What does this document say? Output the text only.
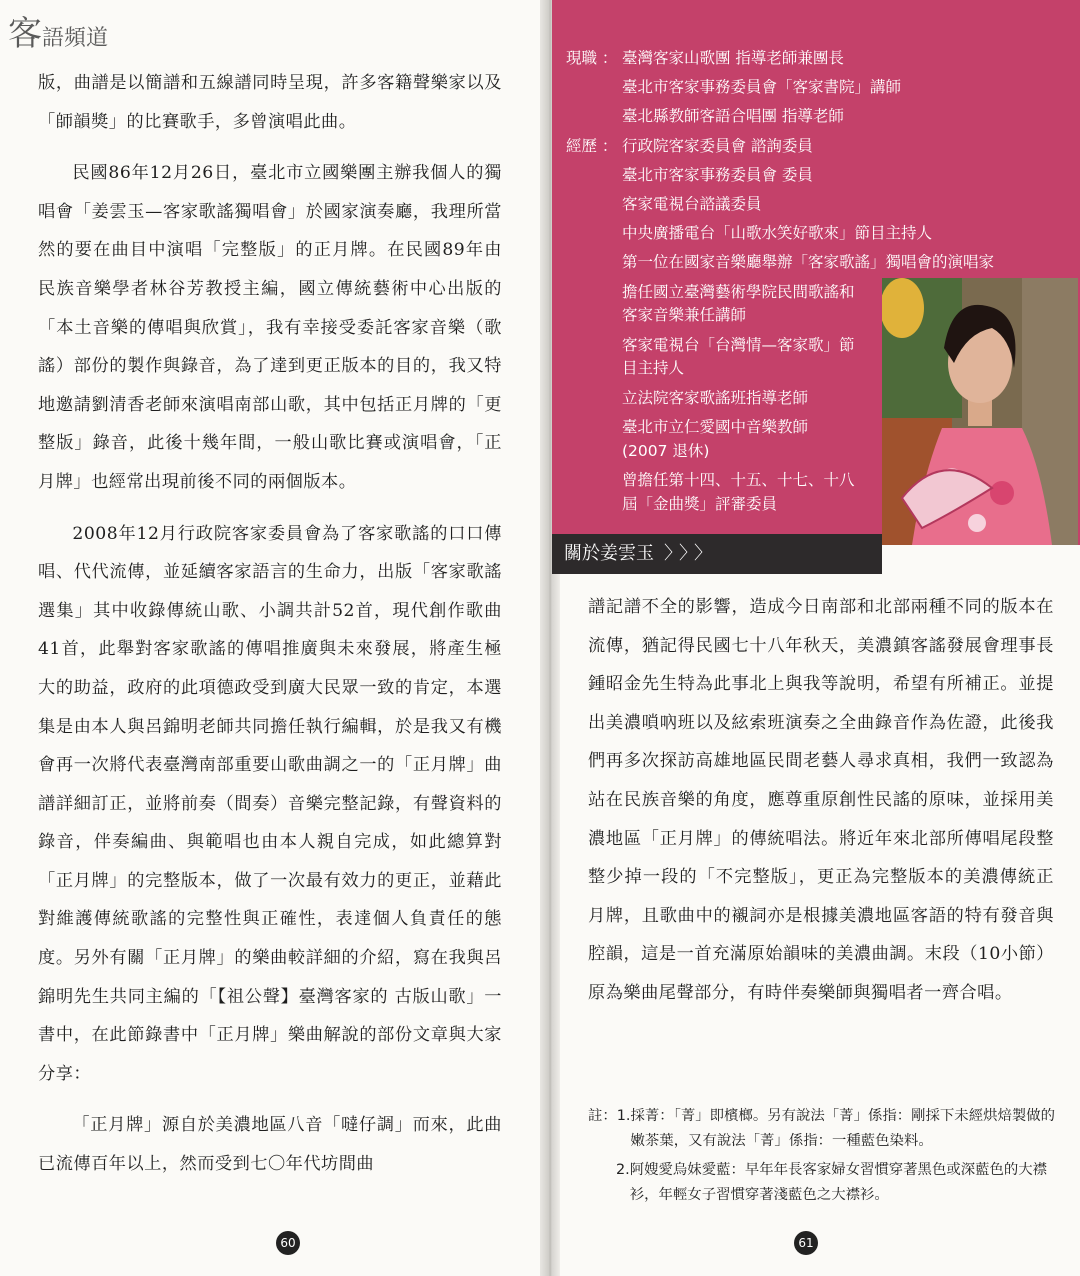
客語頻道

版，曲譜是以簡譜和五線譜同時呈現，許多客籍聲樂家以及「師韻獎」的比賽歌手，多曾演唱此曲。

民國86年12月26日，臺北市立國樂團主辦我個人的獨唱會「姜雲玉—客家歌謠獨唱會」於國家演奏廳，我理所當然的要在曲目中演唱「完整版」的正月牌。在民國89年由民族音樂學者林谷芳教授主編，國立傳統藝術中心出版的「本土音樂的傳唱與欣賞」，我有幸接受委託客家音樂（歌謠）部份的製作與錄音，為了達到更正版本的目的，我又特地邀請劉清香老師來演唱南部山歌，其中包括正月牌的「更整版」錄音，此後十幾年間，一般山歌比賽或演唱會，「正月牌」也經常出現前後不同的兩個版本。

2008年12月行政院客家委員會為了客家歌謠的口口傳唱、代代流傳，並延續客家語言的生命力，出版「客家歌謠選集」其中收錄傳統山歌、小調共計52首，現代創作歌曲41首，此舉對客家歌謠的傳唱推廣與未來發展，將產生極大的助益，政府的此項德政受到廣大民眾一致的肯定，本選集是由本人與呂錦明老師共同擔任執行編輯，於是我又有機會再一次將代表臺灣南部重要山歌曲調之一的「正月牌」曲譜詳細訂正，並將前奏（間奏）音樂完整記錄，有聲資料的錄音，伴奏編曲、與範唱也由本人親自完成，如此總算對「正月牌」的完整版本，做了一次最有效力的更正，並藉此對維護傳統歌謠的完整性與正確性，表達個人負責任的態度。另外有關「正月牌」的樂曲較詳細的介紹，寫在我與呂錦明先生共同主編的「【祖公聲】臺灣客家的 古版山歌」一書中，在此節錄書中「正月牌」樂曲解說的部份文章與大家分享：

「正月牌」源自於美濃地區八音「噠仔調」而來，此曲已流傳百年以上，然而受到七〇年代坊間曲

60
現職 ： 臺灣客家山歌團 指導老師兼團長
臺北市客家事務委員會「客家書院」講師
臺北縣教師客語合唱團 指導老師
經歷 ： 行政院客家委員會 諮詢委員
臺北市客家事務委員會 委員
客家電視台諮議委員
中央廣播電台「山歌水笑好歌來」節目主持人
第一位在國家音樂廳舉辦「客家歌謠」獨唱會的演唱家
擔任國立臺灣藝術學院民間歌謠和客家音樂兼任講師
客家電視台「台灣情—客家歌」節目主持人
立法院客家歌謠班指導老師
臺北市立仁愛國中音樂教師 (2007 退休)
曾擔任第十四、十五、十七、十八屆「金曲獎」評審委員
關於姜雲玉 〉〉〉

譜記譜不全的影響，造成今日南部和北部兩種不同的版本在流傳，猶記得民國七十八年秋天，美濃鎮客謠發展會理事長鍾昭金先生特為此事北上與我等說明，希望有所補正。並提出美濃嗩吶班以及絃索班演奏之全曲錄音作為佐證，此後我們再多次探訪高雄地區民間老藝人尋求真相，我們一致認為站在民族音樂的角度，應尊重原創性民謠的原味，並採用美濃地區「正月牌」的傳統唱法。將近年來北部所傳唱尾段整整少掉一段的「不完整版」，更正為完整版本的美濃傳統正月牌，且歌曲中的襯詞亦是根據美濃地區客語的特有發音與腔韻，這是一首充滿原始韻味的美濃曲調。末段（10小節）原為樂曲尾聲部分，有時伴奏樂師與獨唱者一齊合唱。

註：1. 採菁：「菁」即檳榔。另有說法「菁」係指：剛採下未經烘焙製做的嫩茶葉，又有說法「菁」係指：一種藍色染料。
2. 阿嫂愛烏妹愛藍：早年年長客家婦女習慣穿著黑色或深藍色的大襟衫，年輕女子習慣穿著淺藍色之大襟衫。
61
